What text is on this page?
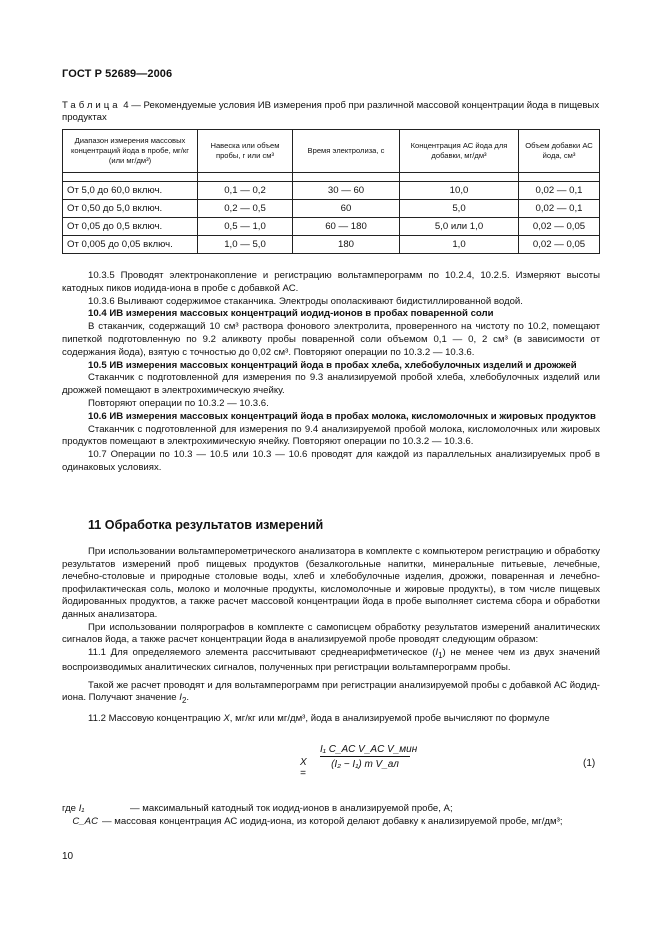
ГОСТ Р 52689—2006
Таблица 4 — Рекомендуемые условия ИВ измерения проб при различной массовой концентрации йода в пищевых продуктах
Диапазон измерения массовых концентраций йода в пробе, мг/кг (или мг/дм³)	Навеска или объем пробы, г или см³	Время электролиза, с	Концентрация АС йода для добавки, мг/дм³	Объем добавки АС йода, см³

От 5,0 до 60,0 включ.	0,1 — 0,2	30 — 60	10,0	0,02 — 0,1
От 0,50 до 5,0 включ.	0,2 — 0,5	60	5,0	0,02 — 0,1
От 0,05 до 0,5 включ.	0,5 — 1,0	60 — 180	5,0 или 1,0	0,02 — 0,05
От 0,005 до 0,05 включ.	1,0 — 5,0	180	1,0	0,02 — 0,05

10.3.5 Проводят электронакопление и регистрацию вольтамперограмм по 10.2.4, 10.2.5. Измеряют высоты катодных пиков иодида-иона в пробе с добавкой АС.

10.3.6 Выливают содержимое стаканчика. Электроды ополаскивают бидистиллированной водой.

10.4 ИВ измерения массовых концентраций иодид-ионов в пробах поваренной соли

В стаканчик, содержащий 10 см³ раствора фонового электролита, проверенного на чистоту по 10.2, помещают пипеткой подготовленную по 9.2 аликвоту пробы поваренной соли объемом 0,1 — 0, 2 см³ (в зависимости от содержания йода), взятую с точностью до 0,02 см³. Повторяют операции по 10.3.2 — 10.3.6.

10.5 ИВ измерения массовых концентраций йода в пробах хлеба, хлебобулочных изделий и дрожжей

Стаканчик с подготовленной для измерения по 9.3 анализируемой пробой хлеба, хлебобулочных изделий или дрожжей помещают в электрохимическую ячейку.

Повторяют операции по 10.3.2 — 10.3.6.

10.6 ИВ измерения массовых концентраций йода в пробах молока, кисломолочных и жировых продуктов

Стаканчик с подготовленной для измерения по 9.4 анализируемой пробой молока, кисломолочных или жировых продуктов помещают в электрохимическую ячейку. Повторяют операции по 10.3.2 — 10.3.6.

10.7 Операции по 10.3 — 10.5 или 10.3 — 10.6 проводят для каждой из параллельных анализируемых проб в одинаковых условиях.

11 Обработка результатов измерений

При использовании вольтамперометрического анализатора в комплекте с компьютером регистрацию и обработку результатов измерений проб пищевых продуктов (безалкогольные напитки, минеральные питьевые, лечебные, лечебно-столовые и природные столовые воды, хлеб и хлебобулочные изделия, дрожжи, поваренная и лечебно-профилактическая соль, молоко и молочные продукты, кисломолочные и жировые продукты), в том числе пищевых йодированных продуктов, а также расчет массовой концентрации йода в пробе выполняет система сбора и обработки данных анализатора.

При использовании полярографов в комплекте с самописцем обработку результатов измерений аналитических сигналов йода, а также расчет концентрации йода в анализируемой пробе проводят следующим образом:

11.1 Для определяемого элемента рассчитывают среднеарифметическое $(I_1)$ не менее чем из двух значений воспроизводимых аналитических сигналов, полученных при регистрации вольтамперограмм пробы.

Такой же расчет проводят и для вольтамперограмм при регистрации анализируемой пробы с добавкой АС йодид-иона. Получают значение $I_2$.

11.2 Массовую концентрацию X, мг/кг или мг/дм³, йода в анализируемой пробе вычисляют по формуле

X =
I₁ C_AC V_AC V_мин
(I₂ − I₁) m V_ал	(1)
где I₁	— максимальный катодный ток иодид-ионов в анализируемой пробе, А;
C_AC — массовая концентрация АС иодид-иона, из которой делают добавку к анализируемой пробе, мг/дм³;
10
